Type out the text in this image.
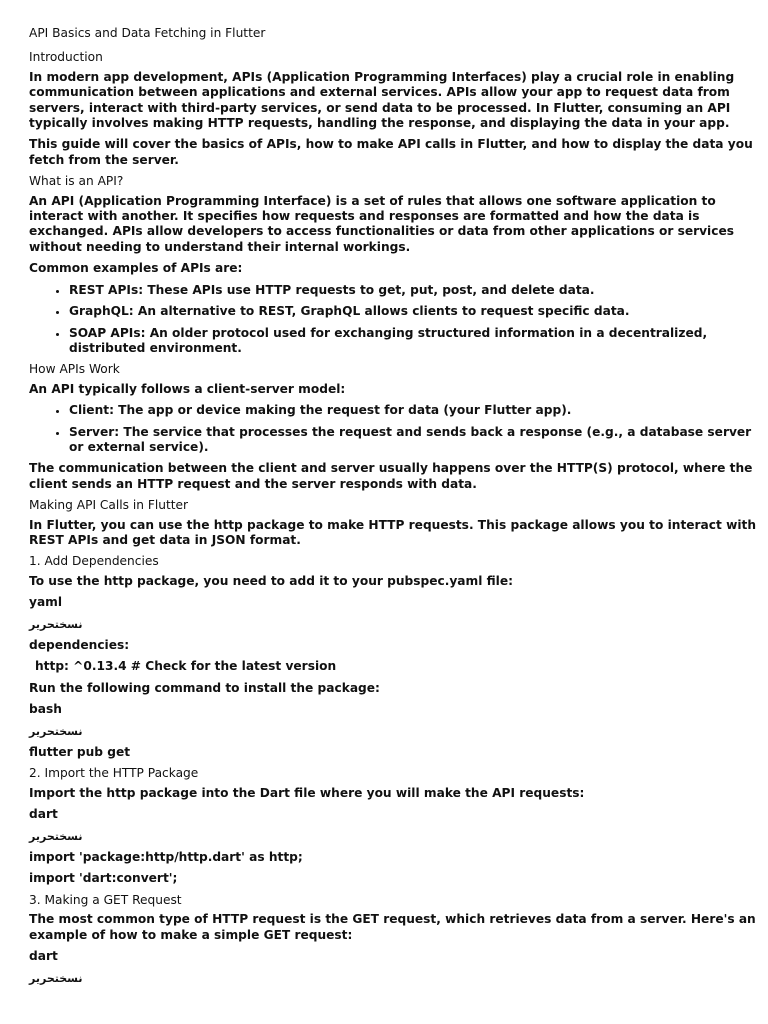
API Basics and Data Fetching in Flutter
Introduction
In modern app development, APIs (Application Programming Interfaces) play a crucial role in enabling communication between applications and external services. APIs allow your app to request data from servers, interact with third-party services, or send data to be processed. In Flutter, consuming an API typically involves making HTTP requests, handling the response, and displaying the data in your app.
This guide will cover the basics of APIs, how to make API calls in Flutter, and how to display the data you fetch from the server.
What is an API?
An API (Application Programming Interface) is a set of rules that allows one software application to interact with another. It specifies how requests and responses are formatted and how the data is exchanged. APIs allow developers to access functionalities or data from other applications or services without needing to understand their internal workings.
Common examples of APIs are:
• REST APIs: These APIs use HTTP requests to get, put, post, and delete data.
• GraphQL: An alternative to REST, GraphQL allows clients to request specific data.
• SOAP APIs: An older protocol used for exchanging structured information in a decentralized, distributed environment.
How APIs Work
An API typically follows a client-server model:
• Client: The app or device making the request for data (your Flutter app).
• Server: The service that processes the request and sends back a response (e.g., a database server or external service).
The communication between the client and server usually happens over the HTTP(S) protocol, where the client sends an HTTP request and the server responds with data.
Making API Calls in Flutter
In Flutter, you can use the http package to make HTTP requests. This package allows you to interact with REST APIs and get data in JSON format.
1. Add Dependencies
To use the http package, you need to add it to your pubspec.yaml file:
yaml
نسختحرير
dependencies:
http: ^0.13.4 # Check for the latest version
Run the following command to install the package:
bash
نسختحرير
flutter pub get
2. Import the HTTP Package
Import the http package into the Dart file where you will make the API requests:
dart
نسختحرير
import 'package:http/http.dart' as http;
import 'dart:convert';
3. Making a GET Request
The most common type of HTTP request is the GET request, which retrieves data from a server. Here's an example of how to make a simple GET request:
dart
نسختحرير
